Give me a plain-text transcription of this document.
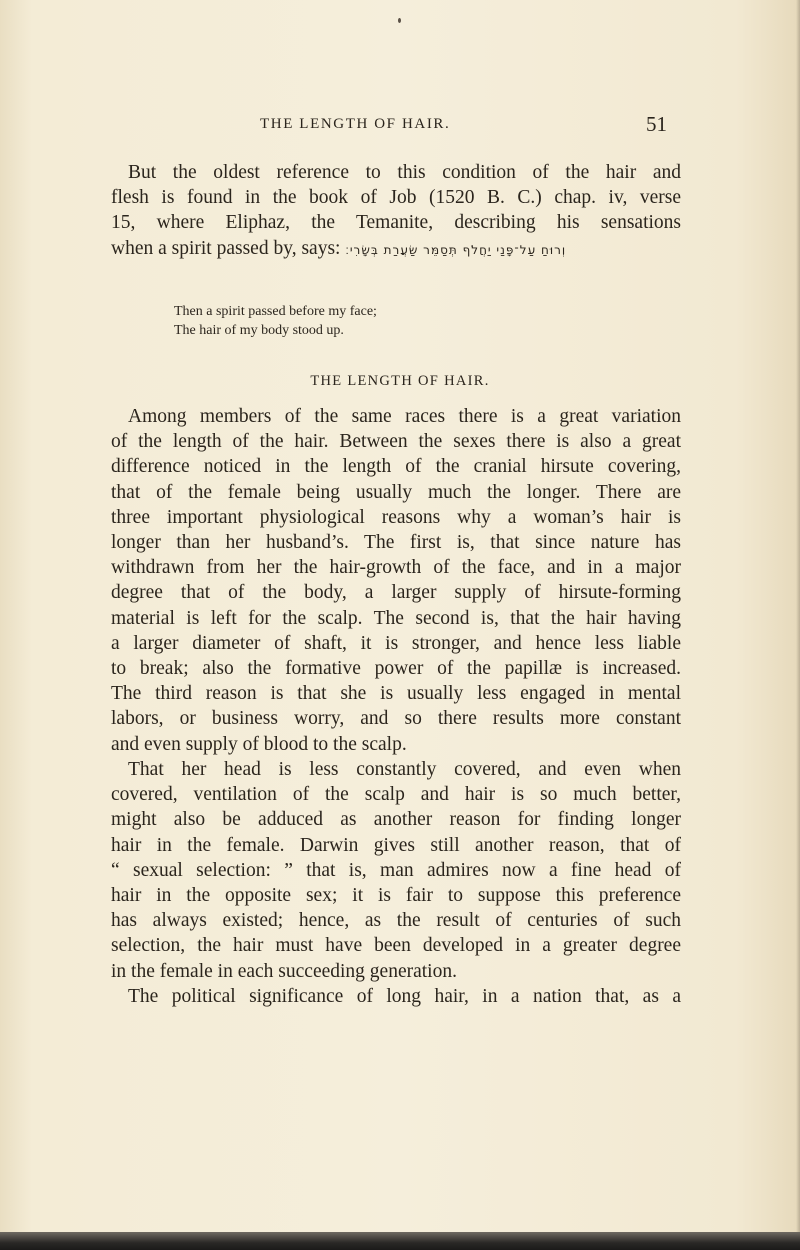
THE LENGTH OF HAIR.	51

But the oldest reference to this condition of the hair and
flesh is found in the book of Job (1520 B. C.) chap. iv, verse
15, where Eliphaz, the Temanite, describing his sensations
when a spirit passed by, says: וְרוּחַ עַל־פָּנַי יַחֲלֹף תְּסַמֵּר שַׂעֲרַת בְּשָׂרִי׃

Then a spirit passed before my face;
The hair of my body stood up.
THE LENGTH OF HAIR.

Among members of the same races there is a great variation
of the length of the hair. Between the sexes there is also a great
difference noticed in the length of the cranial hirsute covering,
that of the female being usually much the longer. There are
three important physiological reasons why a woman’s hair is
longer than her husband’s. The first is, that since nature has
withdrawn from her the hair-growth of the face, and in a major
degree that of the body, a larger supply of hirsute-forming
material is left for the scalp. The second is, that the hair having
a larger diameter of shaft, it is stronger, and hence less liable
to break; also the formative power of the papillæ is increased.
The third reason is that she is usually less engaged in mental
labors, or business worry, and so there results more constant
and even supply of blood to the scalp.

That her head is less constantly covered, and even when
covered, ventilation of the scalp and hair is so much better,
might also be adduced as another reason for finding longer
hair in the female. Darwin gives still another reason, that of
“ sexual selection: ” that is, man admires now a fine head of
hair in the opposite sex; it is fair to suppose this preference
has always existed; hence, as the result of centuries of such
selection, the hair must have been developed in a greater degree
in the female in each succeeding generation.

The political significance of long hair, in a nation that, as a
